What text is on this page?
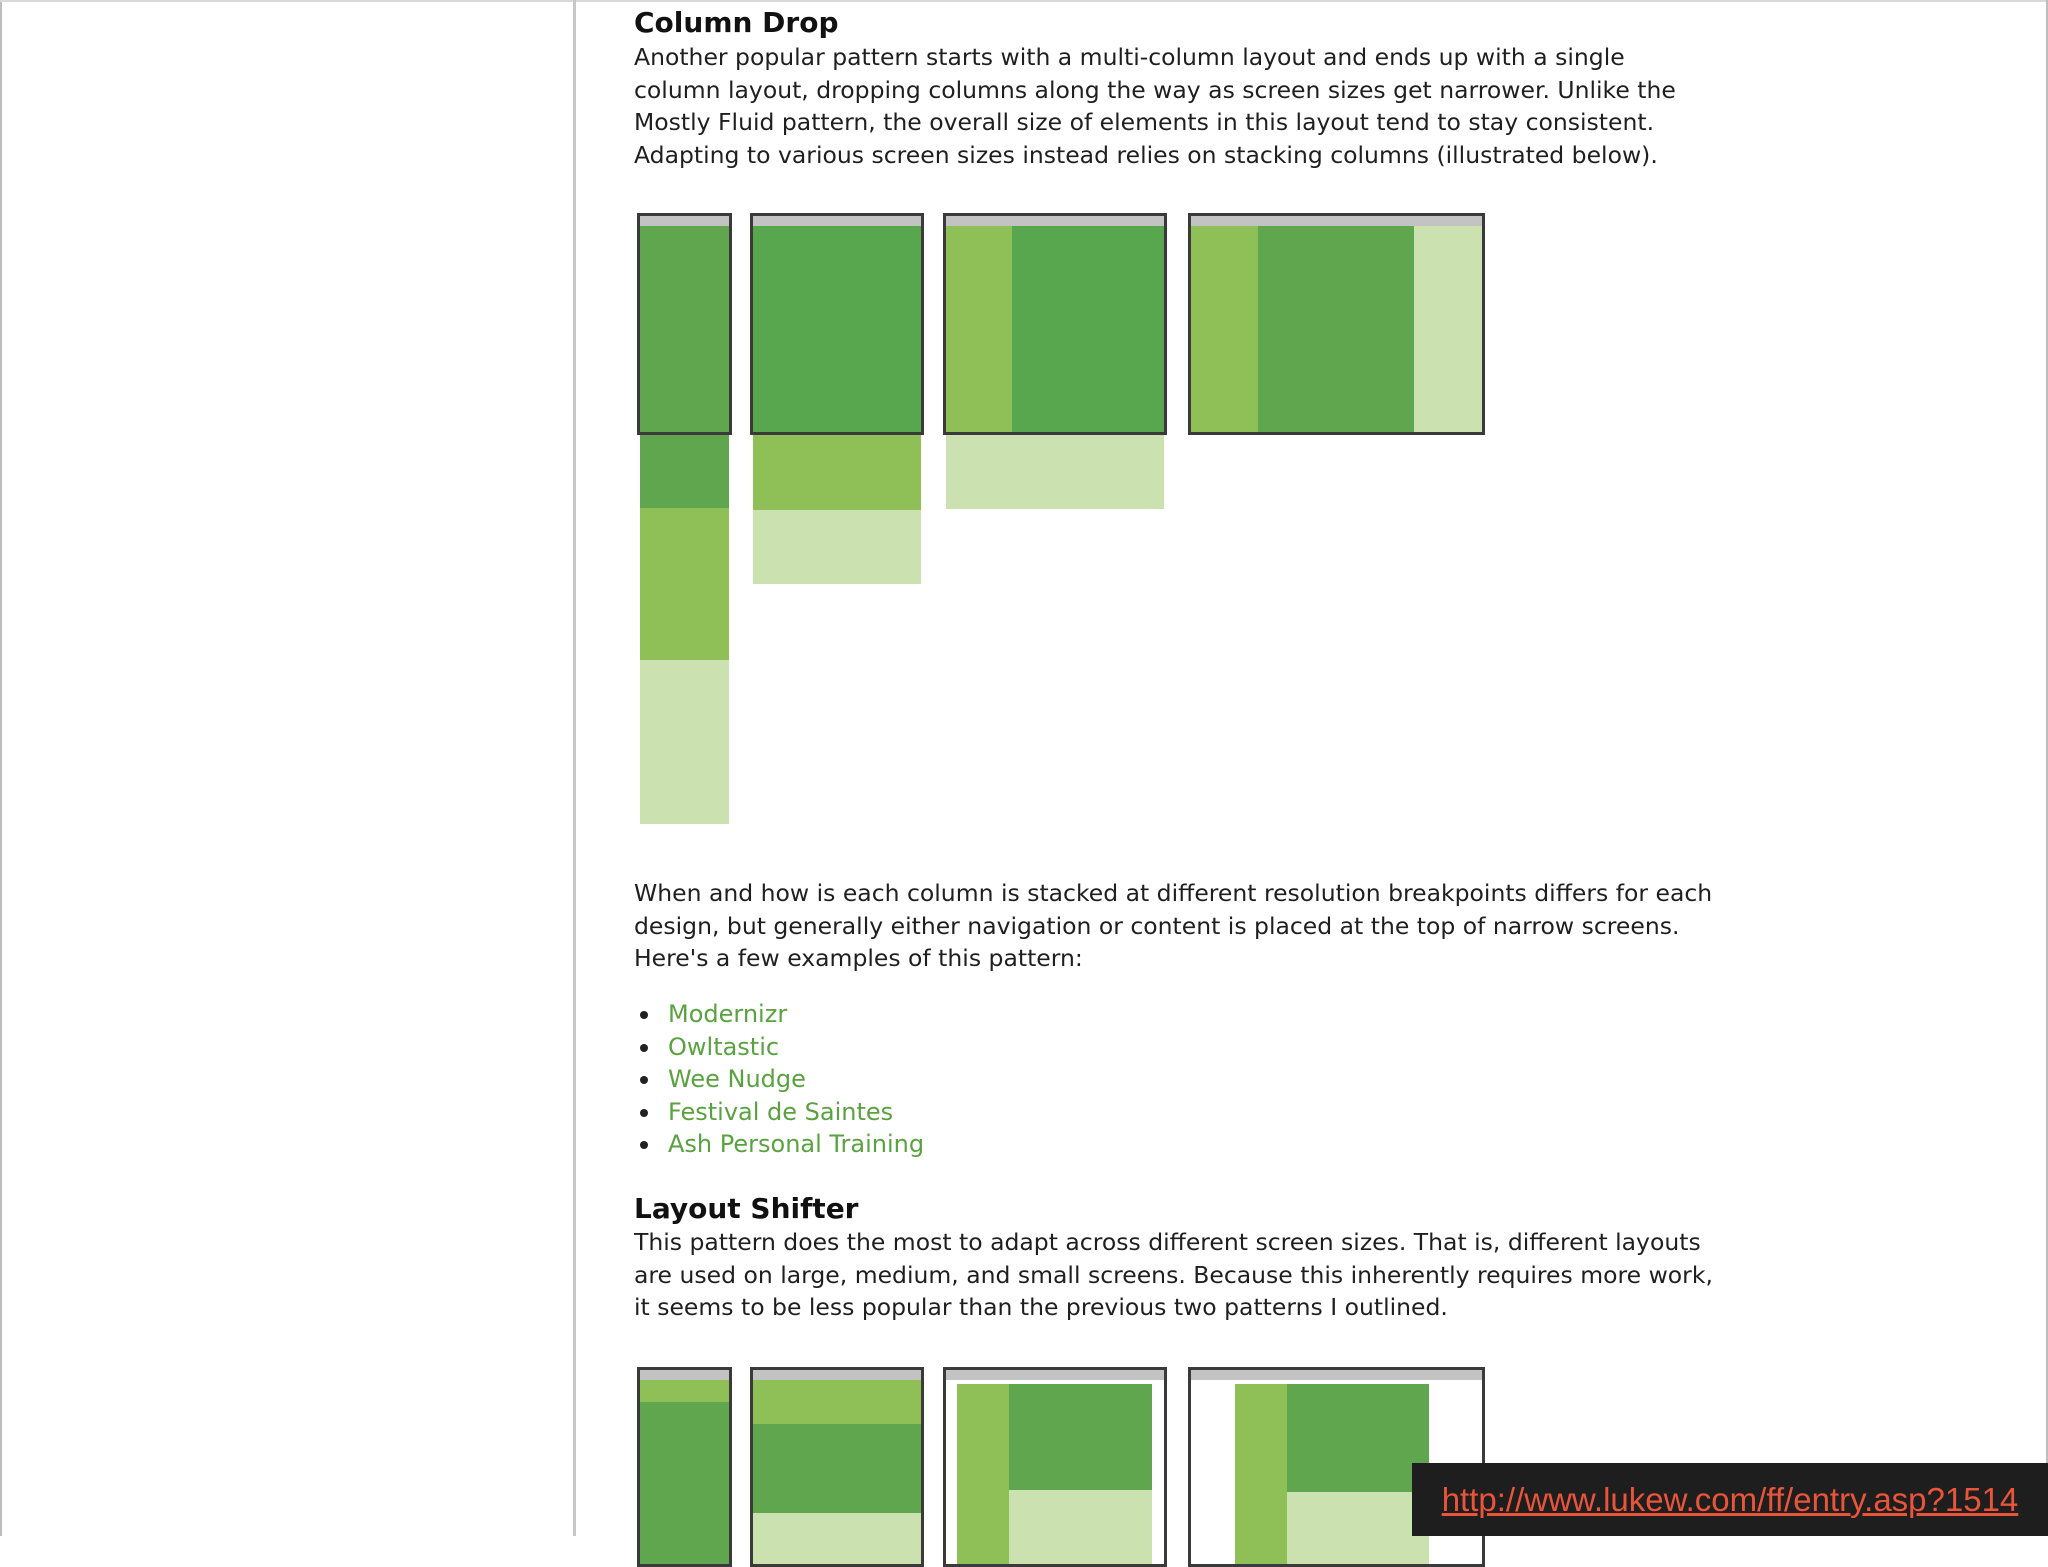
Column Drop

Another popular pattern starts with a multi-column layout and ends up with a single column layout, dropping columns along the way as screen sizes get narrower. Unlike the Mostly Fluid pattern, the overall size of elements in this layout tend to stay consistent. Adapting to various screen sizes instead relies on stacking columns (illustrated below).

When and how is each column is stacked at different resolution breakpoints differs for each design, but generally either navigation or content is placed at the top of narrow screens. Here's a few examples of this pattern:

Modernizr
Owltastic
Wee Nudge
Festival de Saintes
Ash Personal Training
Layout Shifter

This pattern does the most to adapt across different screen sizes. That is, different layouts are used on large, medium, and small screens. Because this inherently requires more work, it seems to be less popular than the previous two patterns I outlined.

http://www.lukew.com/ff/entry.asp?1514
